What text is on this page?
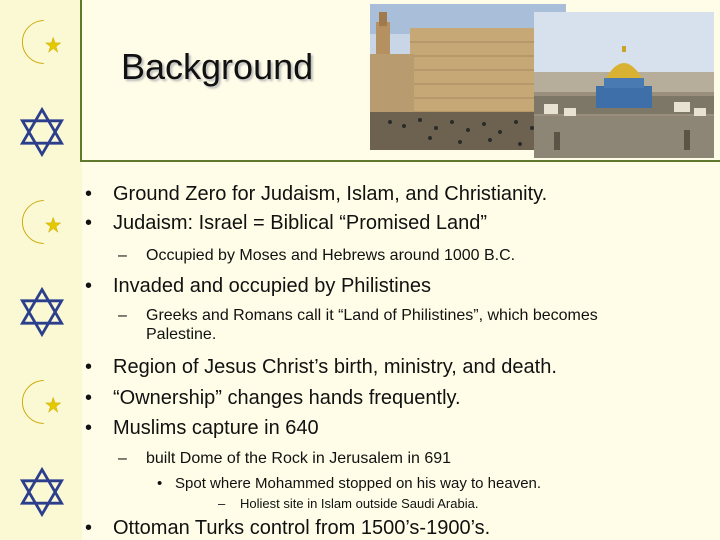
Background
• Ground Zero for Judaism, Islam, and Christianity.
• Judaism: Israel = Biblical “Promised Land”
– Occupied by Moses and Hebrews around 1000 B.C.
• Invaded and occupied by Philistines
– Greeks and Romans call it “Land of Philistines”, which becomes
Palestine.
• Region of Jesus Christ’s birth, ministry, and death.
• “Ownership” changes hands frequently.
• Muslims capture in 640
– built Dome of the Rock in Jerusalem in 691
• Spot where Mohammed stopped on his way to heaven.
– Holiest site in Islam outside Saudi Arabia.
• Ottoman Turks control from 1500’s-1900’s.
